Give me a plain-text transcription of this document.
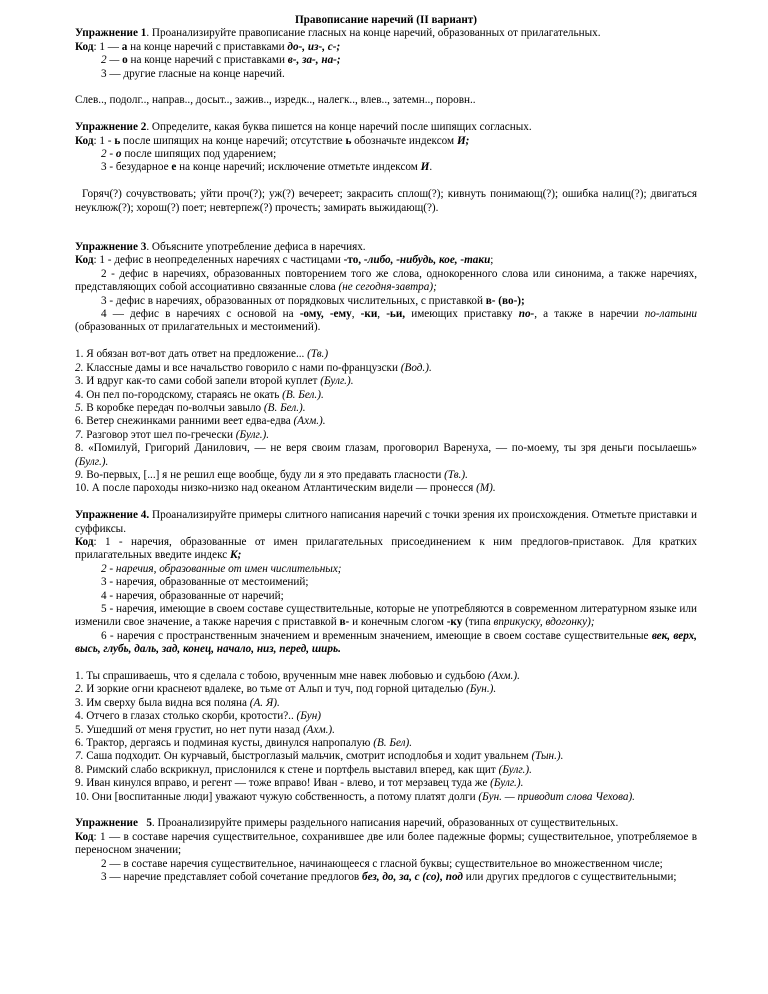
Правописание наречий (II вариант)

Упражнение 1. Проанализируйте правописание гласных на конце наречий, образованных от прилагательных.

Код: 1 — а на конце наречий с приставками до-, из-, с-;

2 — о на конце наречий с приставками в-, за-, на-;

3 — другие гласные на конце наречий.

Слев.., подолг.., направ.., досыт.., зажив.., изредк.., налегк.., влев.., затемн.., поровн..

Упражнение 2. Определите, какая буква пишется на конце наречий после шипящих согласных.

Код: 1 - ь после шипящих на конце наречий; отсутствие ь обозначьте индексом И;

2 - о после шипящих под ударением;

3 - безударное е на конце наречий; исключение отметьте индексом И.

Горяч(?) сочувствовать; уйти проч(?); уж(?) вечереет; закрасить сплош(?); кивнуть понимающ(?); ошибка налиц(?); двигаться неуклюж(?); хорош(?) поет; невтерпеж(?) прочесть; замирать выжидающ(?).

Упражнение 3. Объясните употребление дефиса в наречиях.

Код: 1 - дефис в неопределенных наречиях с частицами -то, -либо, -нибудь, кое, -таки;

2 - дефис в наречиях, образованных повторением того же слова, однокоренного слова или синонима, а также наречиях, представляющих собой ассоциативно связанные слова (не сегодня-завтра);

3 - дефис в наречиях, образованных от порядковых числительных, с приставкой в- (во-);

4 — дефис в наречиях с основой на -ому, -ему, -ки, -ьи, имеющих приставку по-, а также в наречии по-латыни (образованных от прилагательных и местоимений).

1. Я обязан вот-вот дать ответ на предложение... (Тв.)

2. Классные дамы и все начальство говорило с нами по-французски (Вод.).

3. И вдруг как-то сами собой запели второй куплет (Булг.).

4. Он пел по-городскому, стараясь не окать (В. Бел.).

5. В коробке передач по-волчьи завыло (В. Бел.).

6. Ветер снежинками ранними веет едва-едва (Ахм.).

7. Разговор этот шел по-гречески (Булг.).

8. «Помилуй, Григорий Данилович, — не веря своим глазам, проговорил Варенуха, — по-моему, ты зря деньги посылаешь» (Булг.).

9. Во-первых, [...] я не решил еще вообще, буду ли я это предавать гласности (Тв.).

10. А после пароходы низко-низко над океаном Атлантическим видели — пронесся (М).

Упражнение 4. Проанализируйте примеры слитного написания наречий с точки зрения их происхождения. Отметьте приставки и суффиксы.

Код: 1 - наречия, образованные от имен прилагательных присоединением к ним предлогов-приставок. Для кратких прилагательных введите индекс К;

2 - наречия, образованные от имен числительных;

3 - наречия, образованные от местоимений;

4 - наречия, образованные от наречий;

5 - наречия, имеющие в своем составе существительные, которые не употребляются в современном литературном языке или изменили свое значение, а также наречия с приставкой в- и конечным слогом -ку (типа вприкуску, вдогонку);

6 - наречия с пространственным значением и временным значением, имеющие в своем составе существительные век, верх, высь, глубь, даль, зад, конец, начало, низ, перед, ширь.

1. Ты спрашиваешь, что я сделала с тобою, врученным мне навек любовью и судьбою (Ахм.).

2. И зоркие огни краснеют вдалеке, во тьме от Альп и туч, под горной цитаделью (Бун.).

3. Им сверху была видна вся поляна (А. Я).

4. Отчего в глазах столько скорби, кротости?.. (Бун)

5. Ушедший от меня грустит, но нет пути назад (Ахм.).

6. Трактор, дергаясь и подминая кусты, двинулся напропалую (В. Бел).

7. Саша подходит. Он курчавый, быстроглазый мальчик, смотрит исподлобья и ходит увальнем (Тын.).

8. Римский слабо вскрикнул, прислонился к стене и портфель выставил вперед, как щит (Булг.).

9. Иван кинулся вправо, и регент — тоже вправо! Иван - влево, и тот мерзавец туда же (Булг.).

10. Они [воспитанные люди] уважают чужую собственность, а потому платят долги (Бун. — приводит слова Чехова).

Упражнение 5. Проанализируйте примеры раздельного написания наречий, образованных от существительных.

Код: 1 — в составе наречия существительное, сохранившее две или более падежные формы; существительное, употребляемое в переносном значении;

2 — в составе наречия существительное, начинающееся с гласной буквы; существительное во множественном числе;

3 — наречие представляет собой сочетание предлогов без, до, за, с (со), под или других предлогов с существительными;
